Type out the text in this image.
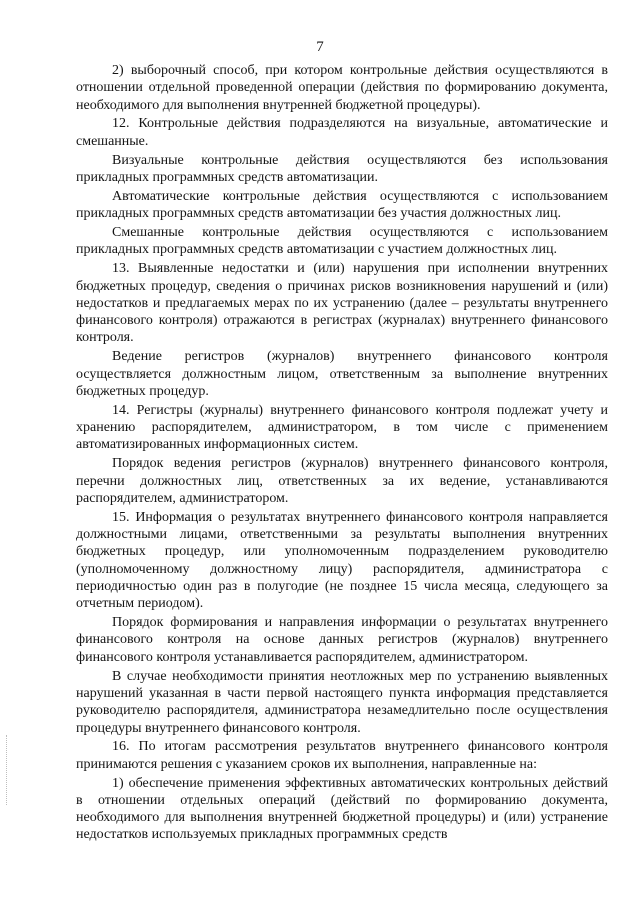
7

2) выборочный способ, при котором контрольные действия осуществляются в отношении отдельной проведенной операции (действия по формированию документа, необходимого для выполнения внутренней бюджетной процедуры).

12. Контрольные действия подразделяются на визуальные, автоматические и смешанные.

Визуальные контрольные действия осуществляются без использования прикладных программных средств автоматизации.

Автоматические контрольные действия осуществляются с использованием прикладных программных средств автоматизации без участия должностных лиц.

Смешанные контрольные действия осуществляются с использованием прикладных программных средств автоматизации с участием должностных лиц.

13. Выявленные недостатки и (или) нарушения при исполнении внутренних бюджетных процедур, сведения о причинах рисков возникновения нарушений и (или) недостатков и предлагаемых мерах по их устранению (далее – результаты внутреннего финансового контроля) отражаются в регистрах (журналах) внутреннего финансового контроля.

Ведение регистров (журналов) внутреннего финансового контроля осуществляется должностным лицом, ответственным за выполнение внутренних бюджетных процедур.

14. Регистры (журналы) внутреннего финансового контроля подлежат учету и хранению распорядителем, администратором, в том числе с применением автоматизированных информационных систем.

Порядок ведения регистров (журналов) внутреннего финансового контроля, перечни должностных лиц, ответственных за их ведение, устанавливаются распорядителем, администратором.

15. Информация о результатах внутреннего финансового контроля направляется должностными лицами, ответственными за результаты выполнения внутренних бюджетных процедур, или уполномоченным подразделением руководителю (уполномоченному должностному лицу) распорядителя, администратора с периодичностью один раз в полугодие (не позднее 15 числа месяца, следующего за отчетным периодом).

Порядок формирования и направления информации о результатах внутреннего финансового контроля на основе данных регистров (журналов) внутреннего финансового контроля устанавливается распорядителем, администратором.

В случае необходимости принятия неотложных мер по устранению выявленных нарушений указанная в части первой настоящего пункта информация представляется руководителю распорядителя, администратора незамедлительно после осуществления процедуры внутреннего финансового контроля.

16. По итогам рассмотрения результатов внутреннего финансового контроля принимаются решения с указанием сроков их выполнения, направленные на:

1) обеспечение применения эффективных автоматических контрольных действий в отношении отдельных операций (действий по формированию документа, необходимого для выполнения внутренней бюджетной процедуры) и (или) устранение недостатков используемых прикладных программных средств
